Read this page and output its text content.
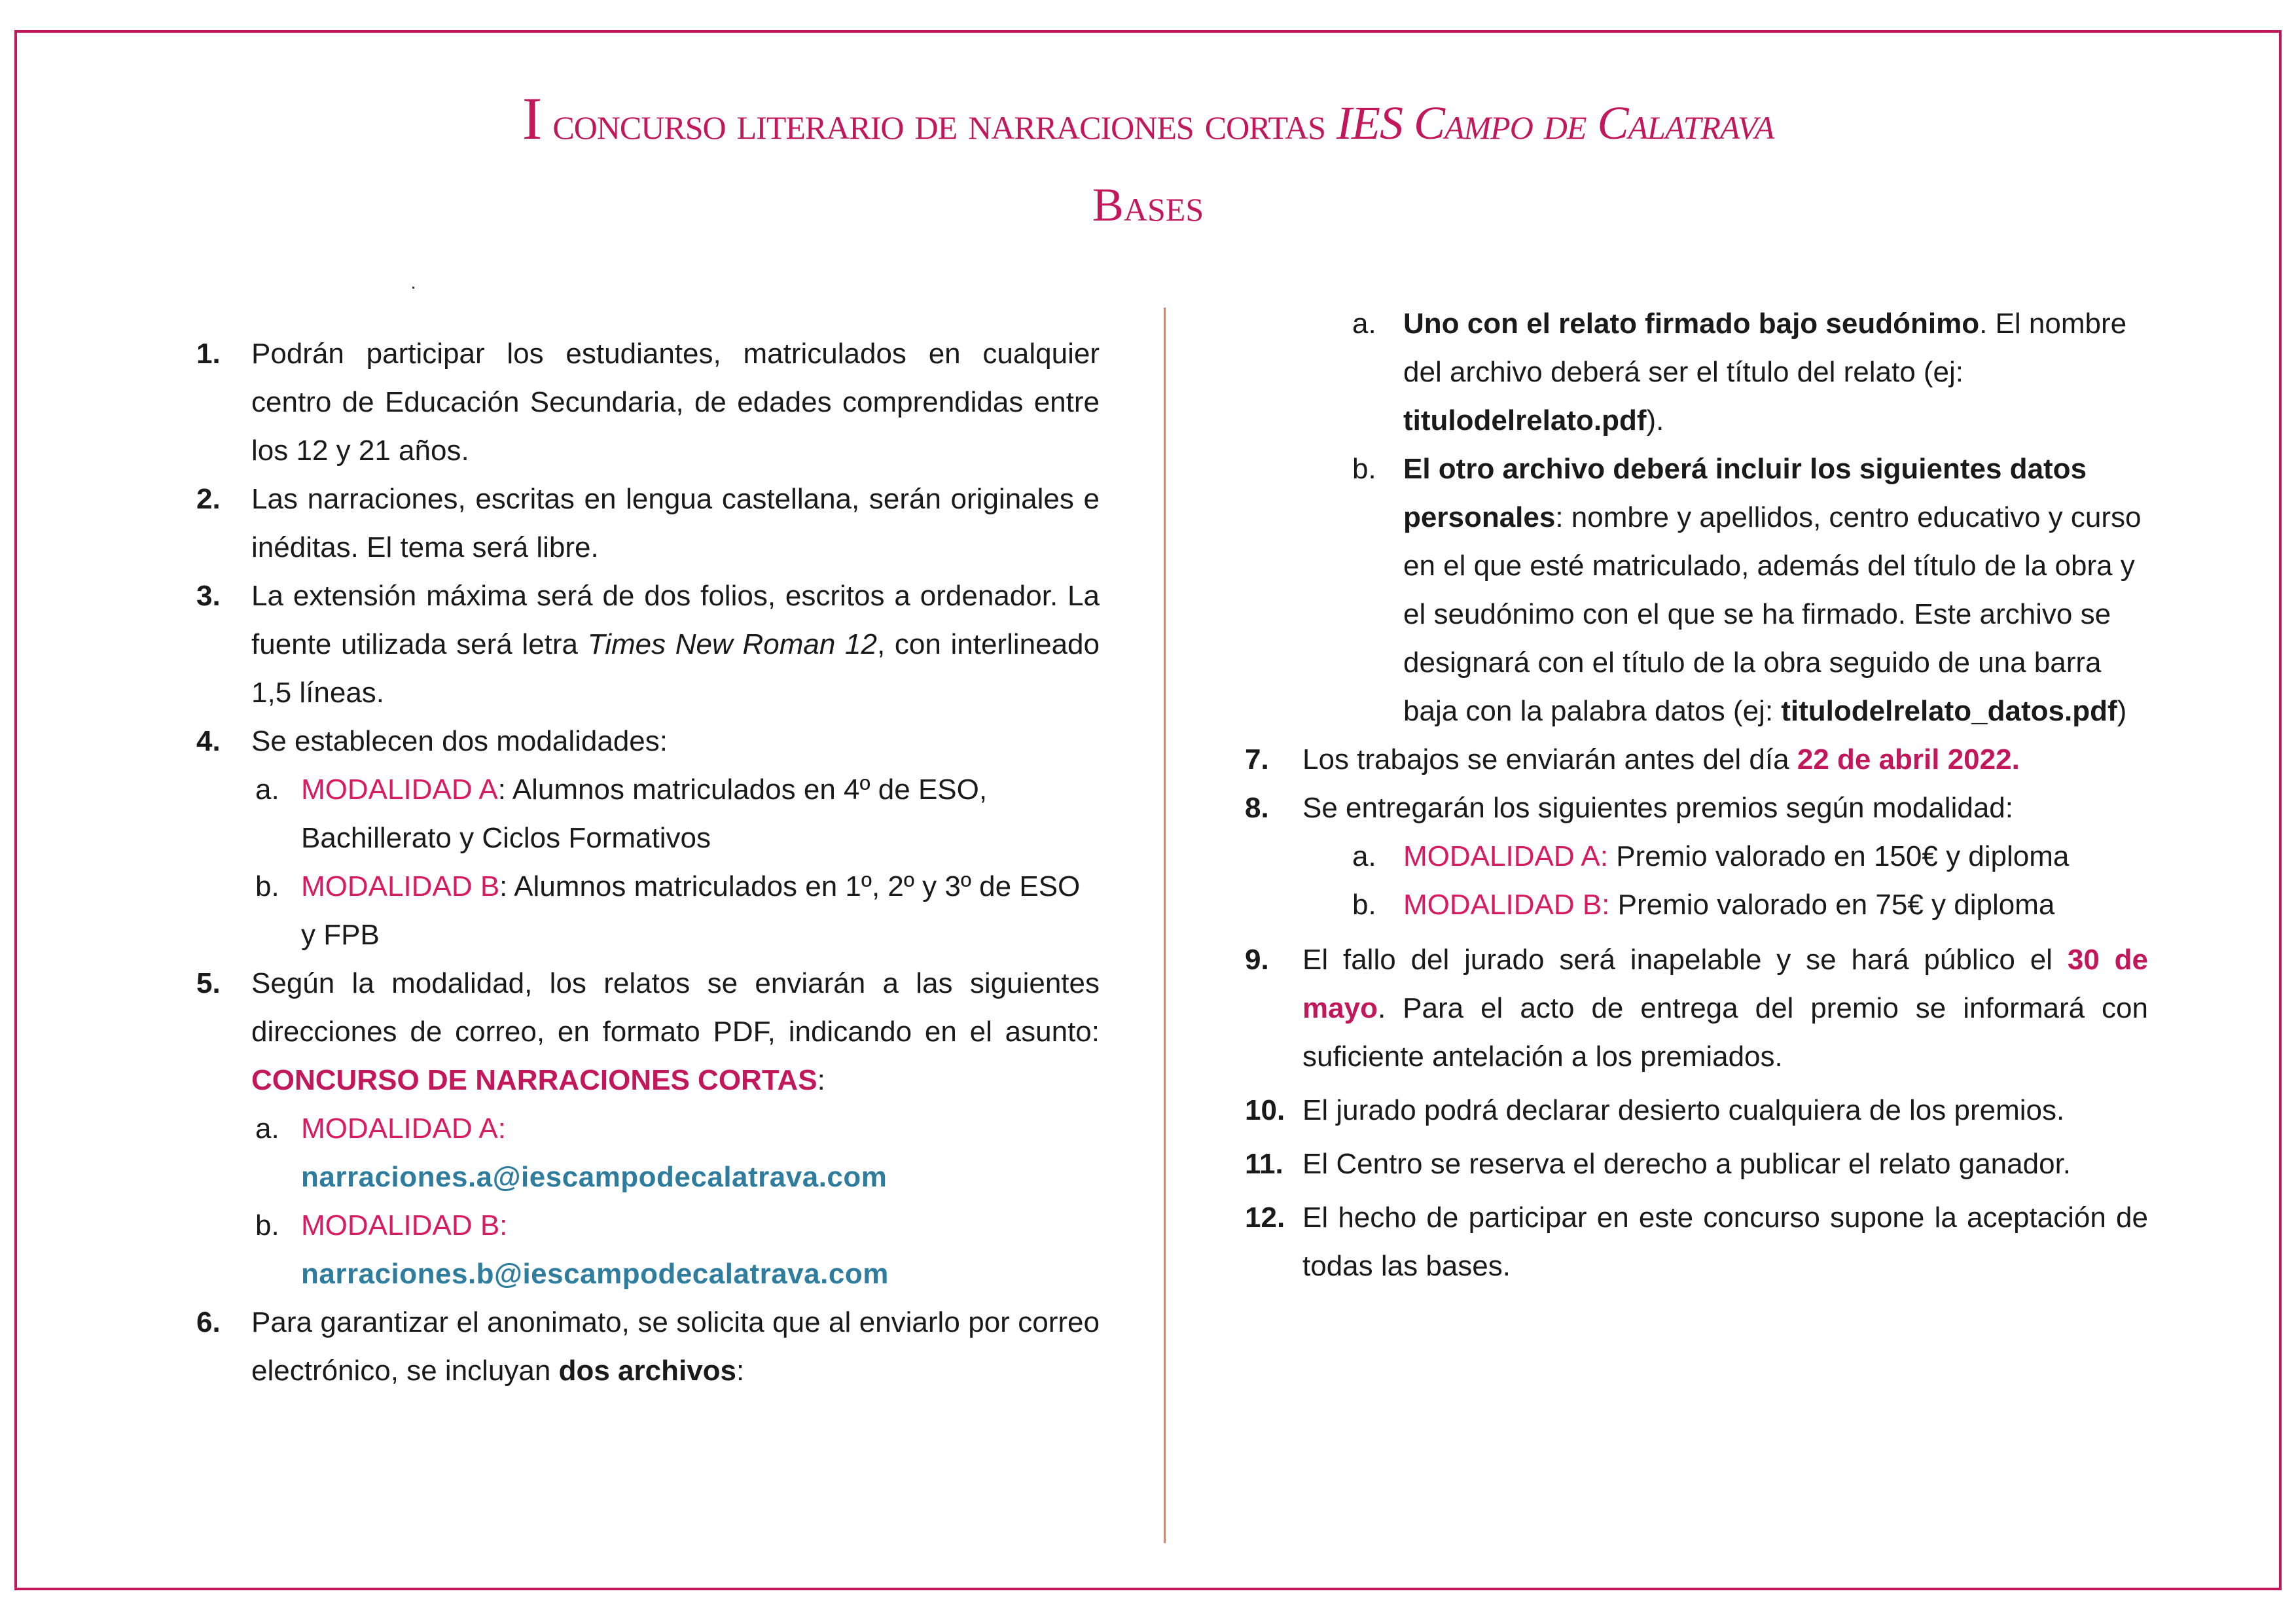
I concurso literario de narraciones cortas IES Campo de Calatrava
Bases
1. Podrán participar los estudiantes, matriculados en cualquier centro de Educación Secundaria, de edades comprendidas entre los 12 y 21 años.
2. Las narraciones, escritas en lengua castellana, serán originales e inéditas. El tema será libre.
3. La extensión máxima será de dos folios, escritos a ordenador. La fuente utilizada será letra Times New Roman 12, con interlineado 1,5 líneas.
4. Se establecen dos modalidades:
a. MODALIDAD A: Alumnos matriculados en 4º de ESO, Bachillerato y Ciclos Formativos
b. MODALIDAD B: Alumnos matriculados en 1º, 2º y 3º de ESO y FPB
5. Según la modalidad, los relatos se enviarán a las siguientes direcciones de correo, en formato PDF, indicando en el asunto: CONCURSO DE NARRACIONES CORTAS:
a. MODALIDAD A:
narraciones.a@iescampodecalatrava.com
b. MODALIDAD B:
narraciones.b@iescampodecalatrava.com
6. Para garantizar el anonimato, se solicita que al enviarlo por correo electrónico, se incluyan dos archivos:
a. Uno con el relato firmado bajo seudónimo. El nombre del archivo deberá ser el título del relato (ej: titulodelrelato.pdf).
b. El otro archivo deberá incluir los siguientes datos personales: nombre y apellidos, centro educativo y curso en el que esté matriculado, además del título de la obra y el seudónimo con el que se ha firmado. Este archivo se designará con el título de la obra seguido de una barra baja con la palabra datos (ej: titulodelrelato_datos.pdf)
7. Los trabajos se enviarán antes del día 22 de abril 2022.
8. Se entregarán los siguientes premios según modalidad:
a. MODALIDAD A: Premio valorado en 150€ y diploma
b. MODALIDAD B: Premio valorado en 75€ y diploma
9. El fallo del jurado será inapelable y se hará público el 30 de mayo. Para el acto de entrega del premio se informará con suficiente antelación a los premiados.
10. El jurado podrá declarar desierto cualquiera de los premios.
11. El Centro se reserva el derecho a publicar el relato ganador.
12. El hecho de participar en este concurso supone la aceptación de todas las bases.
